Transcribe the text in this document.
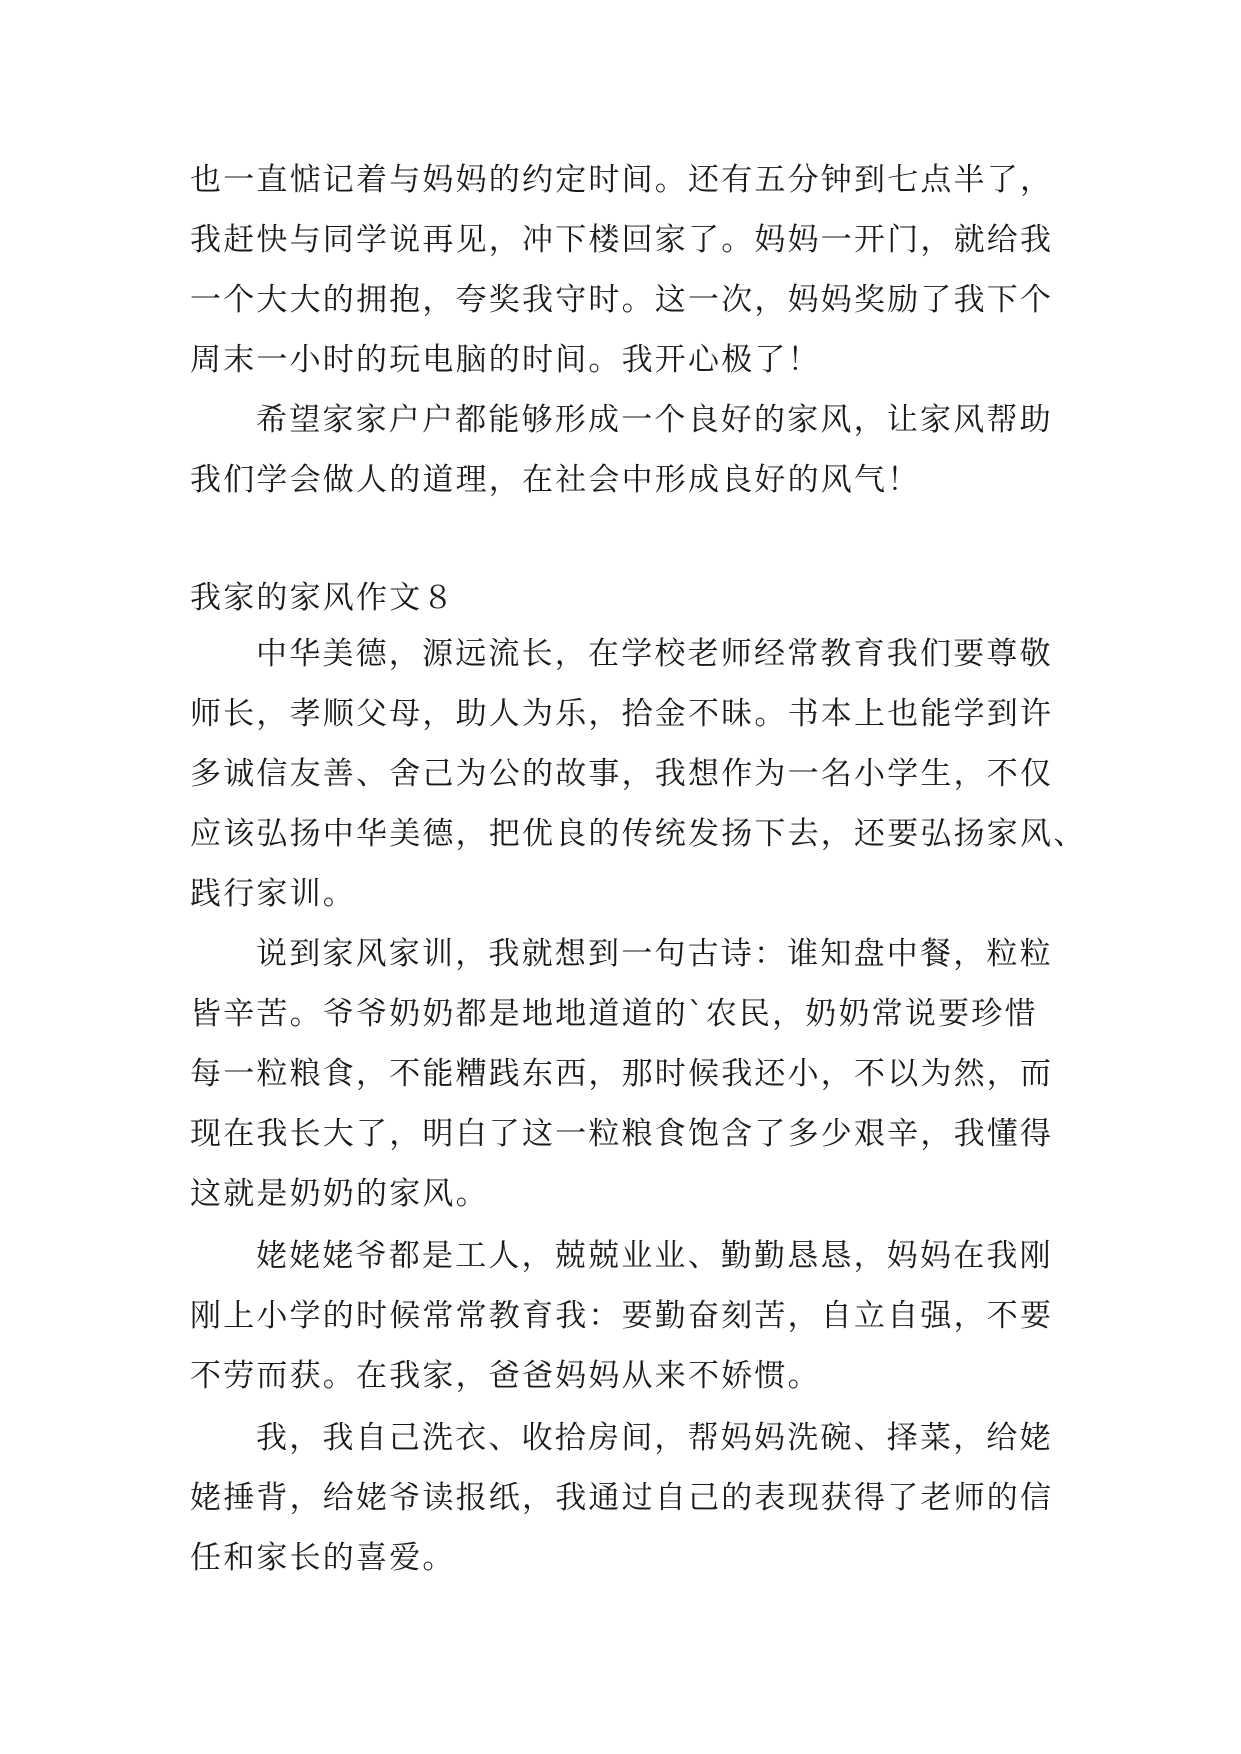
也一直惦记着与妈妈的约定时间。还有五分钟到七点半了，
我赶快与同学说再见，冲下楼回家了。妈妈一开门，就给我
一个大大的拥抱，夸奖我守时。这一次，妈妈奖励了我下个
周末一小时的玩电脑的时间。我开心极了！
希望家家户户都能够形成一个良好的家风，让家风帮助
我们学会做人的道理，在社会中形成良好的风气！
我家的家风作文８
中华美德，源远流长，在学校老师经常教育我们要尊敬
师长，孝顺父母，助人为乐，拾金不昧。书本上也能学到许
多诚信友善、舍己为公的故事，我想作为一名小学生，不仅
应该弘扬中华美德，把优良的传统发扬下去，还要弘扬家风、
践行家训。
说到家风家训，我就想到一句古诗：谁知盘中餐，粒粒
皆辛苦。爷爷奶奶都是地地道道的`农民，奶奶常说要珍惜
每一粒粮食，不能糟践东西，那时候我还小，不以为然，而
现在我长大了，明白了这一粒粮食饱含了多少艰辛，我懂得
这就是奶奶的家风。
姥姥姥爷都是工人，兢兢业业、勤勤恳恳，妈妈在我刚
刚上小学的时候常常教育我：要勤奋刻苦，自立自强，不要
不劳而获。在我家，爸爸妈妈从来不娇惯。
我，我自己洗衣、收拾房间，帮妈妈洗碗、择菜，给姥
姥捶背，给姥爷读报纸，我通过自己的表现获得了老师的信
任和家长的喜爱。
